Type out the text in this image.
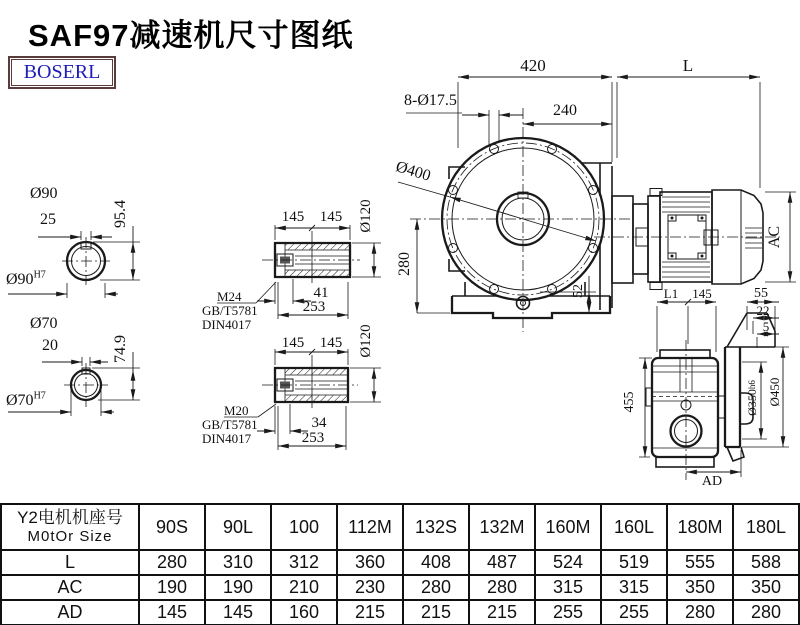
SAF97减速机尺寸图纸
BOSERL
Ø90
25	95.4
$Ø90^{H7}$
Ø70
20	74.9
$Ø70^{H7}$
145	145	Ø120
M24
GB/T5781
DIN4017
41
253
145	145	Ø120
M20
GB/T5781
DIN4017
34
253
420	L
8-Ø17.5
240
Ø400
280
52
AC
L1	145	55
22
5
455	Ø350
h6 Ø450
AD
Y2电机机座号
M0tOr Size	90S	90L	100	112M	132S	132M	160M	160L	180M	180L
L	280	310	312	360	408	487	524	519	555	588
AC	190	190	210	230	280	280	315	315	350	350
AD	145	145	160	215	215	215	255	255	280	280
